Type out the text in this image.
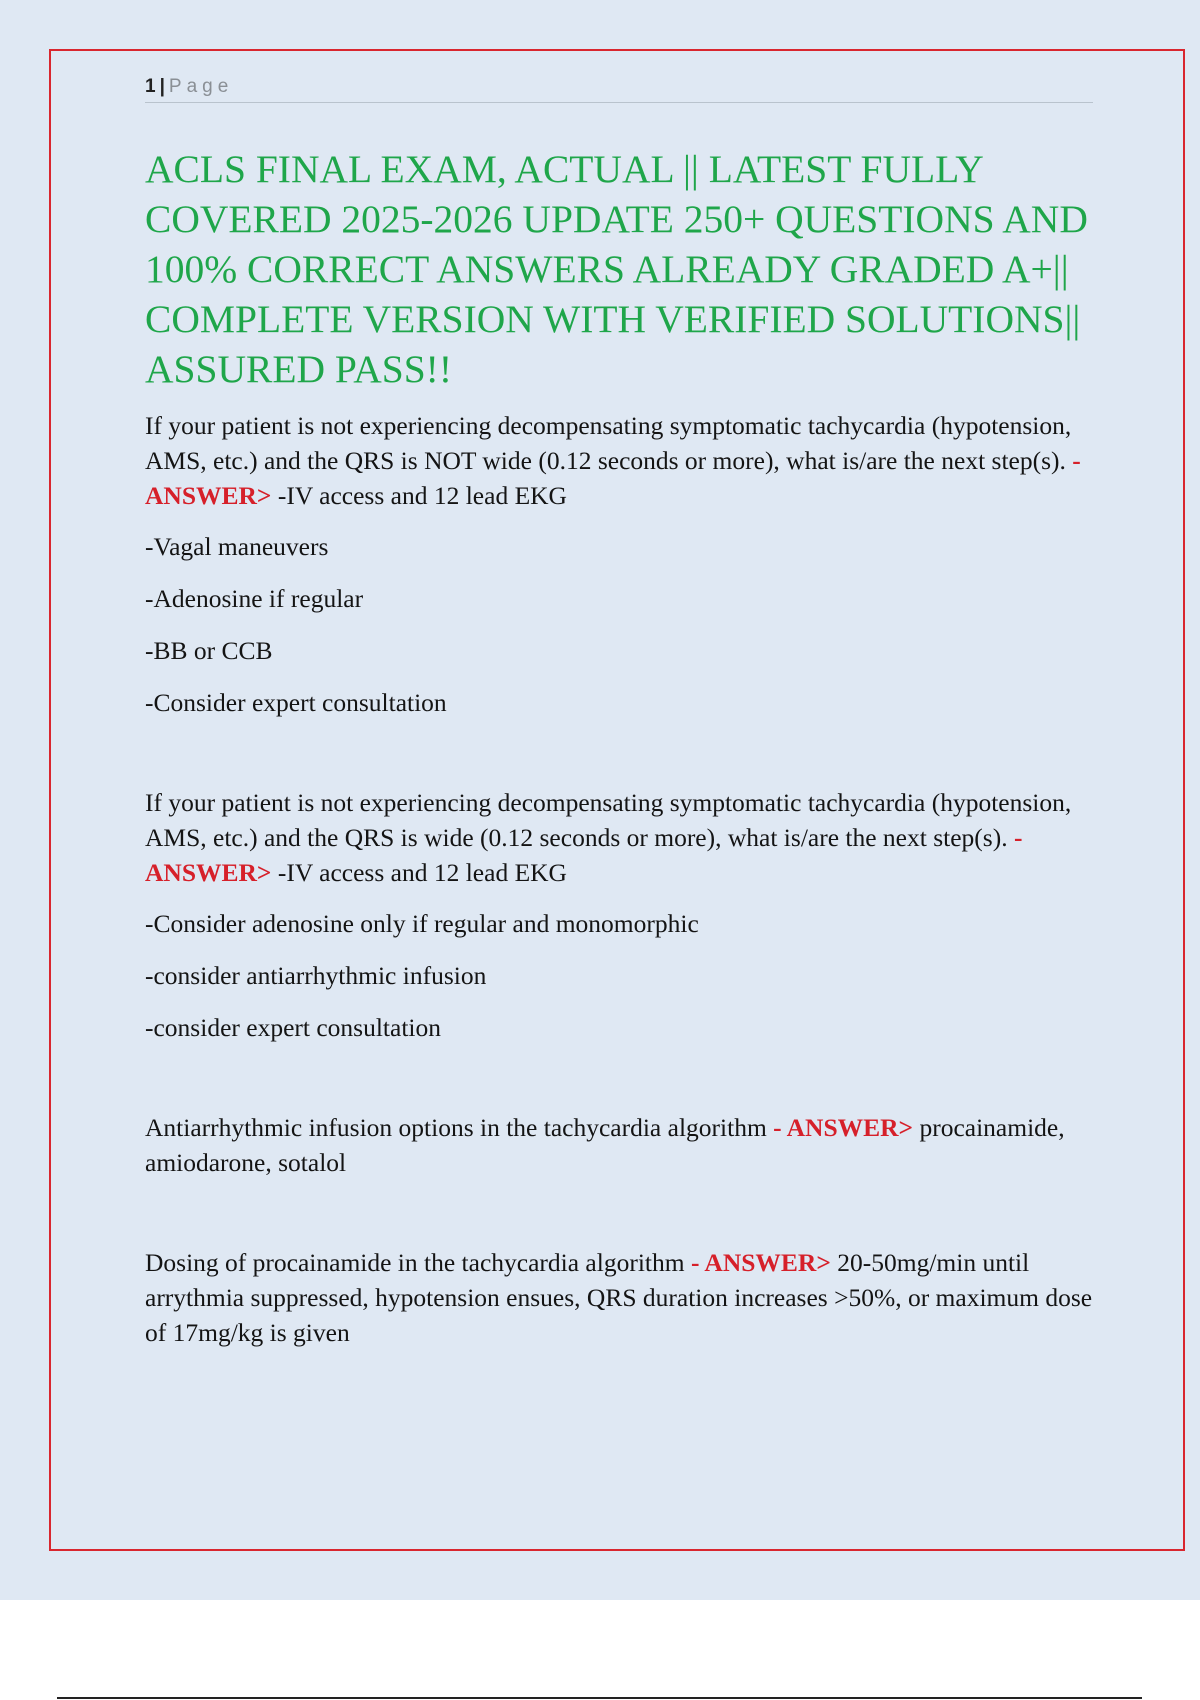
1 | Page
ACLS FINAL EXAM, ACTUAL || LATEST FULLY COVERED 2025-2026 UPDATE 250+ QUESTIONS AND 100% CORRECT ANSWERS ALREADY GRADED A+|| COMPLETE VERSION WITH VERIFIED SOLUTIONS|| ASSURED PASS!!

If your patient is not experiencing decompensating symptomatic tachycardia (hypotension, AMS, etc.) and the QRS is NOT wide (0.12 seconds or more), what is/are the next step(s). - ANSWER> -IV access and 12 lead EKG

-Vagal maneuvers

-Adenosine if regular

-BB or CCB

-Consider expert consultation

If your patient is not experiencing decompensating symptomatic tachycardia (hypotension, AMS, etc.) and the QRS is wide (0.12 seconds or more), what is/are the next step(s). - ANSWER> -IV access and 12 lead EKG

-Consider adenosine only if regular and monomorphic

-consider antiarrhythmic infusion

-consider expert consultation

Antiarrhythmic infusion options in the tachycardia algorithm - ANSWER> procainamide, amiodarone, sotalol

Dosing of procainamide in the tachycardia algorithm - ANSWER> 20-50mg/min until arrythmia suppressed, hypotension ensues, QRS duration increases >50%, or maximum dose of 17mg/kg is given
